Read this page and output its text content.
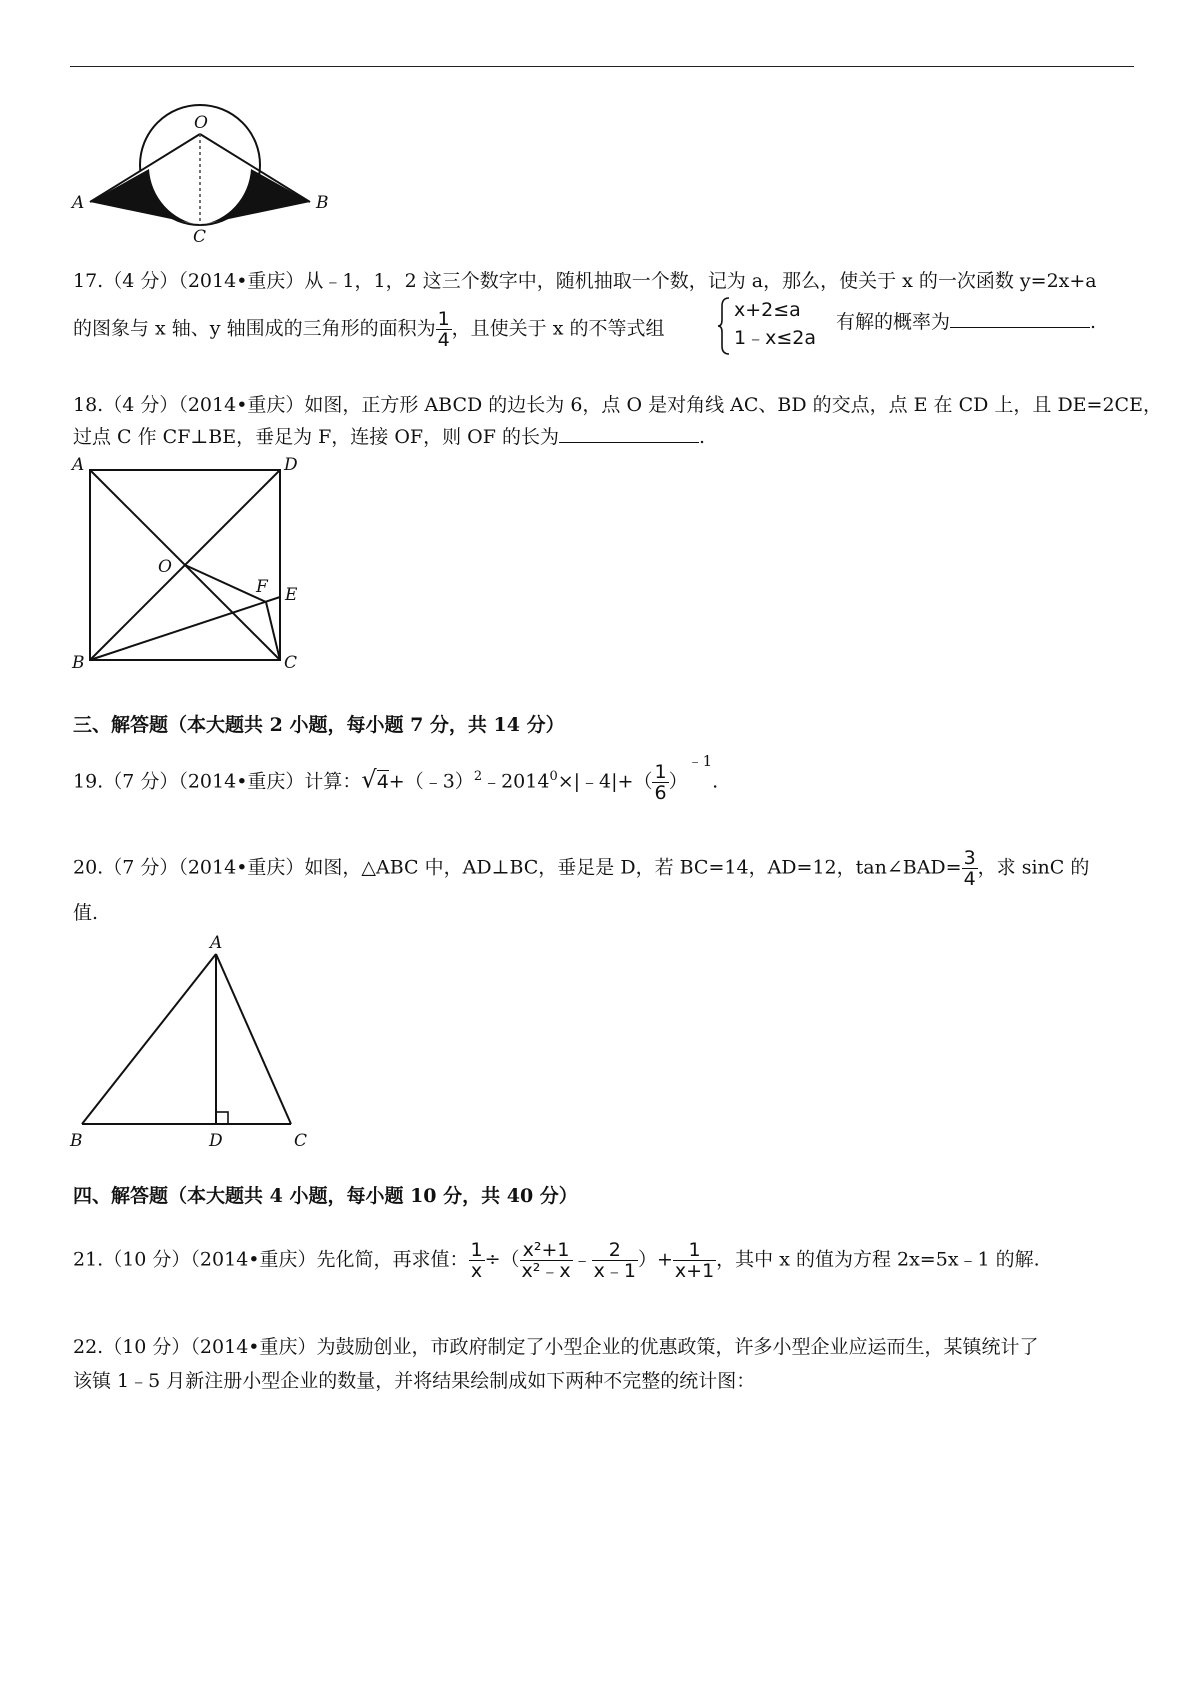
O
A	B
C
17.（4 分）（2014•重庆）从﹣1，1，2 这三个数字中，随机抽取一个数，记为 a，那么，使关于 x 的一次函数 y=2x+a
的图象与 x 轴、y 轴围成的三角形的面积为 $\frac{1}{4}$ ，且使关于 x 的不等式组
x+2≤a
1﹣x≤2a
有解的概率为	.
18.（4 分）（2014•重庆）如图，正方形 ABCD 的边长为 6，点 O 是对角线 AC、BD 的交点，点 E 在 CD 上，且 DE=2CE，
过点 C 作 CF⊥BE，垂足为 F，连接 OF，则 OF 的长为	.
A	D
O
F E
B	C
三、解答题（本大题共 2 小题，每小题 7 分，共 14 分）
19.（7 分）（2014•重庆）计算：$√4+(﹣3)^2﹣2014^0\times|﹣4|+( \frac{1}{6} )^{﹣1}$.
20.（7 分）（2014•重庆）如图，△ABC 中，AD⊥BC，垂足是 D，若 BC=14，AD=12，tan∠BAD= $\frac{3}{4}$ ，求 sinC 的
值.
A
B	D	C
四、解答题（本大题共 4 小题，每小题 10 分，共 40 分）
21.（10 分）（2014•重庆）先化简，再求值： $\frac{1}{x}$ ÷（ $\frac{\text{x²+1}}{\text{x²﹣x}}$ ﹣ $\frac{2}{x﹣1}$ ）+ $\frac{1}{x+1}$ ，其中 x 的值为方程 2x=5x﹣1 的解.
22.（10 分）（2014•重庆）为鼓励创业，市政府制定了小型企业的优惠政策，许多小型企业应运而生，某镇统计了
该镇 1﹣5 月新注册小型企业的数量，并将结果绘制成如下两种不完整的统计图：
